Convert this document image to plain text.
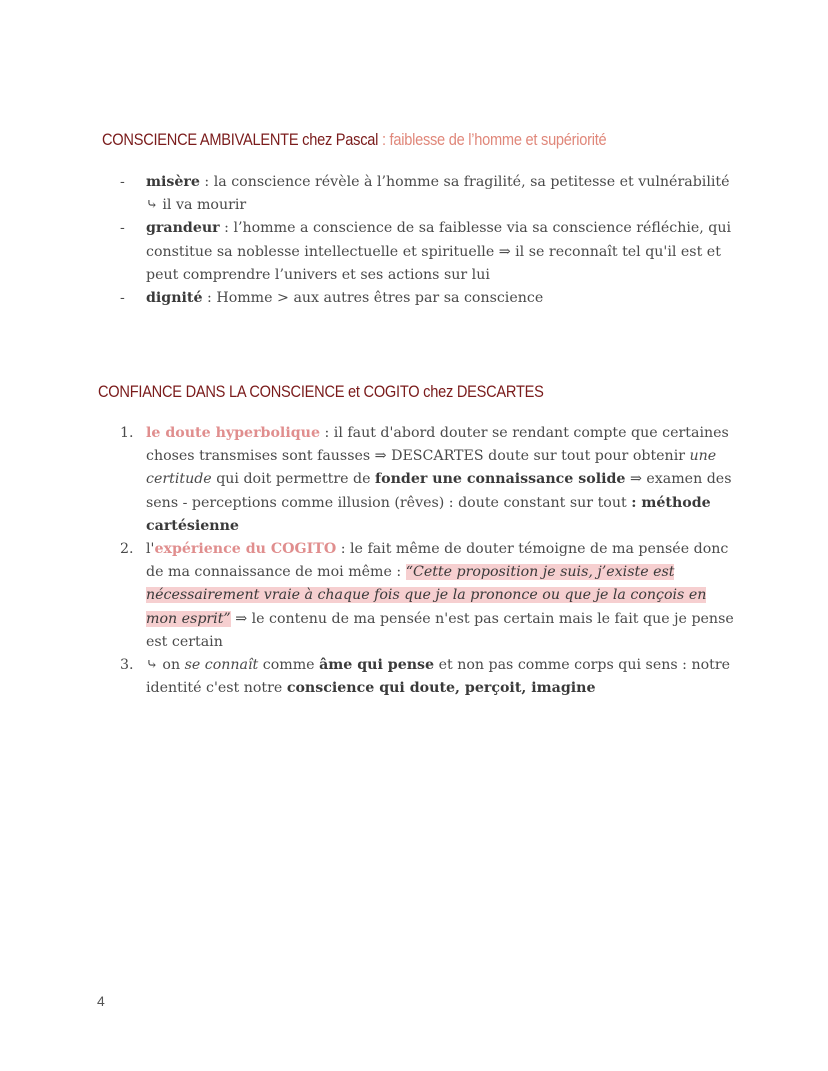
CONSCIENCE AMBIVALENTE chez Pascal : faiblesse de l’homme et supériorité
- misère : la conscience révèle à l’homme sa fragilité, sa petitesse et vulnérabilité ⤷ il va mourir
- grandeur : l’homme a conscience de sa faiblesse via sa conscience réfléchie, qui constitue sa noblesse intellectuelle et spirituelle ⇒ il se reconnaît tel qu'il est et peut comprendre l’univers et ses actions sur lui
- dignité : Homme > aux autres êtres par sa conscience
CONFIANCE DANS LA CONSCIENCE et COGITO chez DESCARTES
1. le doute hyperbolique : il faut d'abord douter se rendant compte que certaines choses transmises sont fausses ⇒ DESCARTES doute sur tout pour obtenir une certitude qui doit permettre de fonder une connaissance solide ⇒ examen des sens - perceptions comme illusion (rêves) : doute constant sur tout : méthode cartésienne
2. l'expérience du COGITO : le fait même de douter témoigne de ma pensée donc de ma connaissance de moi même : “Cette proposition je suis, j’existe est nécessairement vraie à chaque fois que je la prononce ou que je la conçois en mon esprit” ⇒ le contenu de ma pensée n'est pas certain mais le fait que je pense est certain
3. ⤷ on se connaît comme âme qui pense et non pas comme corps qui sens : notre identité c'est notre conscience qui doute, perçoit, imagine
4
